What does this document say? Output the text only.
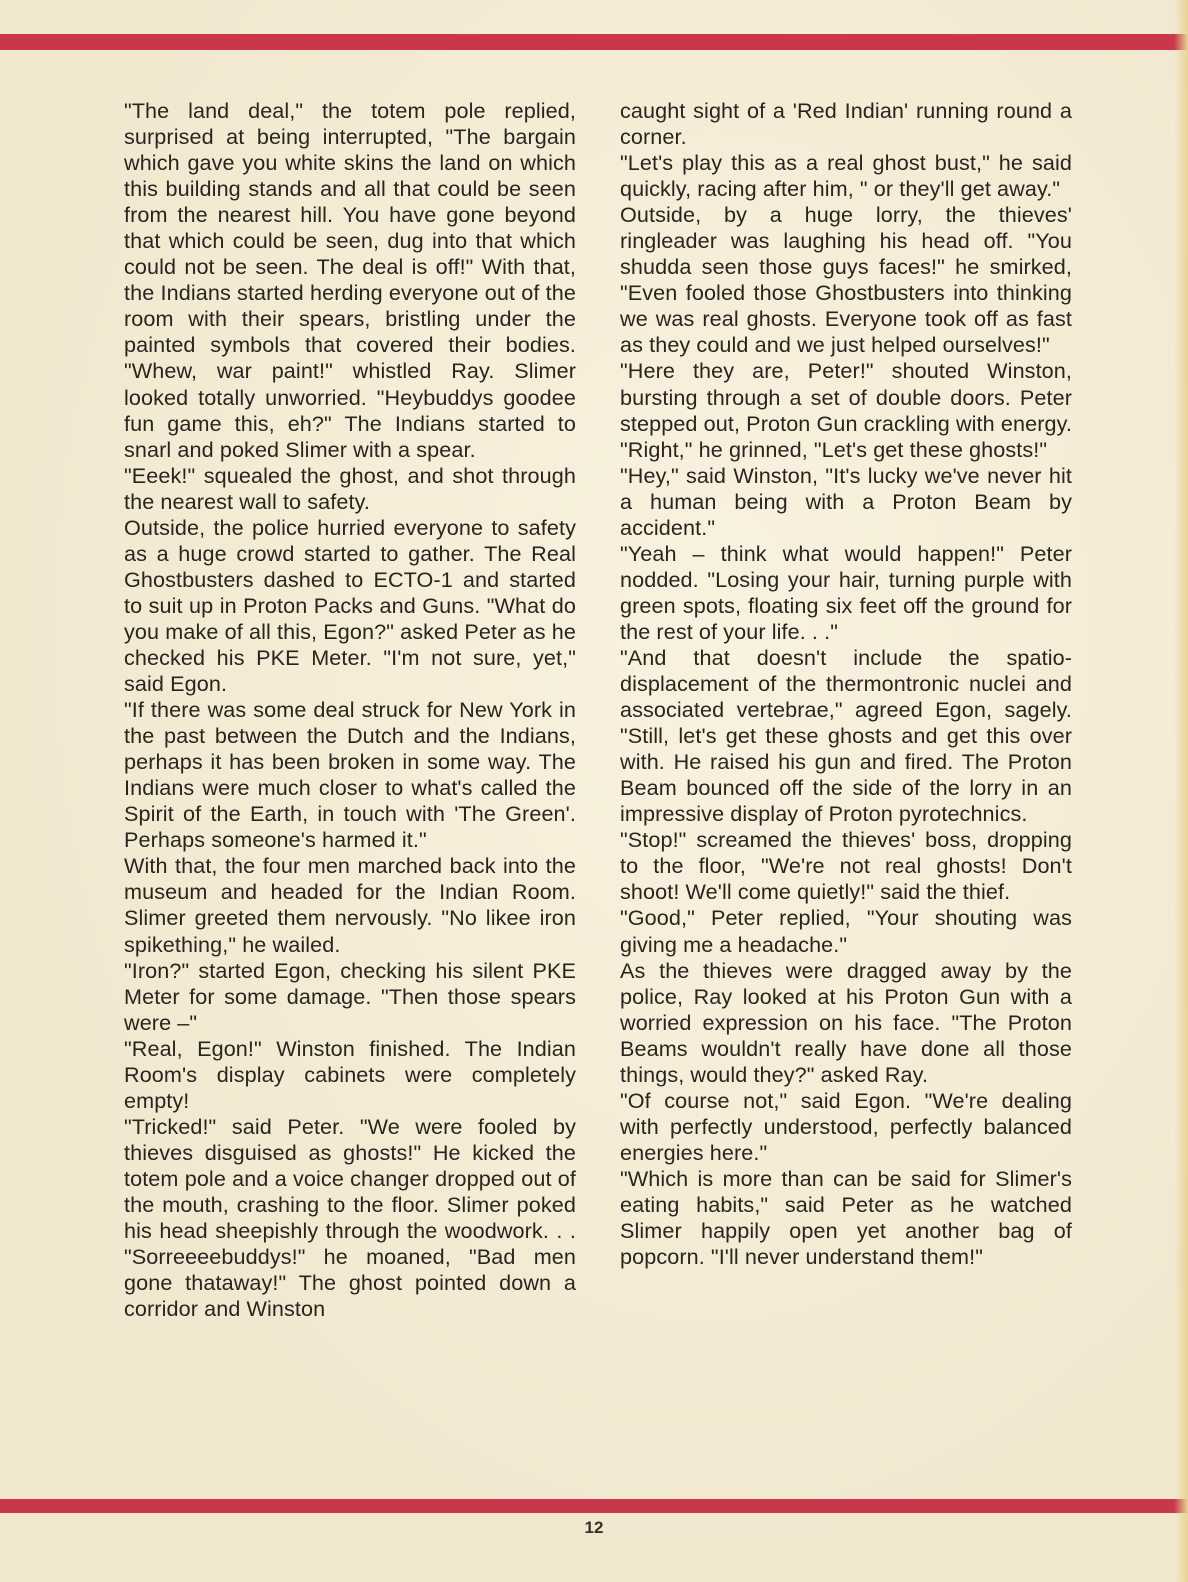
"The land deal," the totem pole replied, surprised at being interrupted, "The bargain which gave you white skins the land on which this building stands and all that could be seen from the nearest hill. You have gone beyond that which could be seen, dug into that which could not be seen. The deal is off!" With that, the Indians started herding everyone out of the room with their spears, bristling under the painted symbols that covered their bodies. "Whew, war paint!" whistled Ray. Slimer looked totally unworried. "Heybuddys goodee fun game this, eh?" The Indians started to snarl and poked Slimer with a spear.

"Eeek!" squealed the ghost, and shot through the nearest wall to safety.

Outside, the police hurried everyone to safety as a huge crowd started to gather. The Real Ghostbusters dashed to ECTO-1 and started to suit up in Proton Packs and Guns. "What do you make of all this, Egon?" asked Peter as he checked his PKE Meter. "I'm not sure, yet," said Egon.

"If there was some deal struck for New York in the past between the Dutch and the Indians, perhaps it has been broken in some way. The Indians were much closer to what's called the Spirit of the Earth, in touch with 'The Green'. Perhaps someone's harmed it."

With that, the four men marched back into the museum and headed for the Indian Room. Slimer greeted them nervously. "No likee iron spikething," he wailed.

"Iron?" started Egon, checking his silent PKE Meter for some damage. "Then those spears were –"

"Real, Egon!" Winston finished. The Indian Room's display cabinets were completely empty!

"Tricked!" said Peter. "We were fooled by thieves disguised as ghosts!" He kicked the totem pole and a voice changer dropped out of the mouth, crashing to the floor. Slimer poked his head sheepishly through the woodwork. . . "Sorreeeebuddys!" he moaned, "Bad men gone thataway!" The ghost pointed down a corridor and Winston

caught sight of a 'Red Indian' running round a corner.

"Let's play this as a real ghost bust," he said quickly, racing after him, " or they'll get away."

Outside, by a huge lorry, the thieves' ringleader was laughing his head off. "You shudda seen those guys faces!" he smirked, "Even fooled those Ghostbusters into thinking we was real ghosts. Everyone took off as fast as they could and we just helped ourselves!"

"Here they are, Peter!" shouted Winston, bursting through a set of double doors. Peter stepped out, Proton Gun crackling with energy. "Right," he grinned, "Let's get these ghosts!"

"Hey," said Winston, "It's lucky we've never hit a human being with a Proton Beam by accident."

"Yeah – think what would happen!" Peter nodded. "Losing your hair, turning purple with green spots, floating six feet off the ground for the rest of your life. . ."

"And that doesn't include the spatio-displacement of the thermontronic nuclei and associated vertebrae," agreed Egon, sagely. "Still, let's get these ghosts and get this over with. He raised his gun and fired. The Proton Beam bounced off the side of the lorry in an impressive display of Proton pyrotechnics.

"Stop!" screamed the thieves' boss, dropping to the floor, "We're not real ghosts! Don't shoot! We'll come quietly!" said the thief.

"Good," Peter replied, "Your shouting was giving me a headache."

As the thieves were dragged away by the police, Ray looked at his Proton Gun with a worried expression on his face. "The Proton Beams wouldn't really have done all those things, would they?" asked Ray.

"Of course not," said Egon. "We're dealing with perfectly understood, perfectly balanced energies here."

"Which is more than can be said for Slimer's eating habits," said Peter as he watched Slimer happily open yet another bag of popcorn. "I'll never understand them!"

12
